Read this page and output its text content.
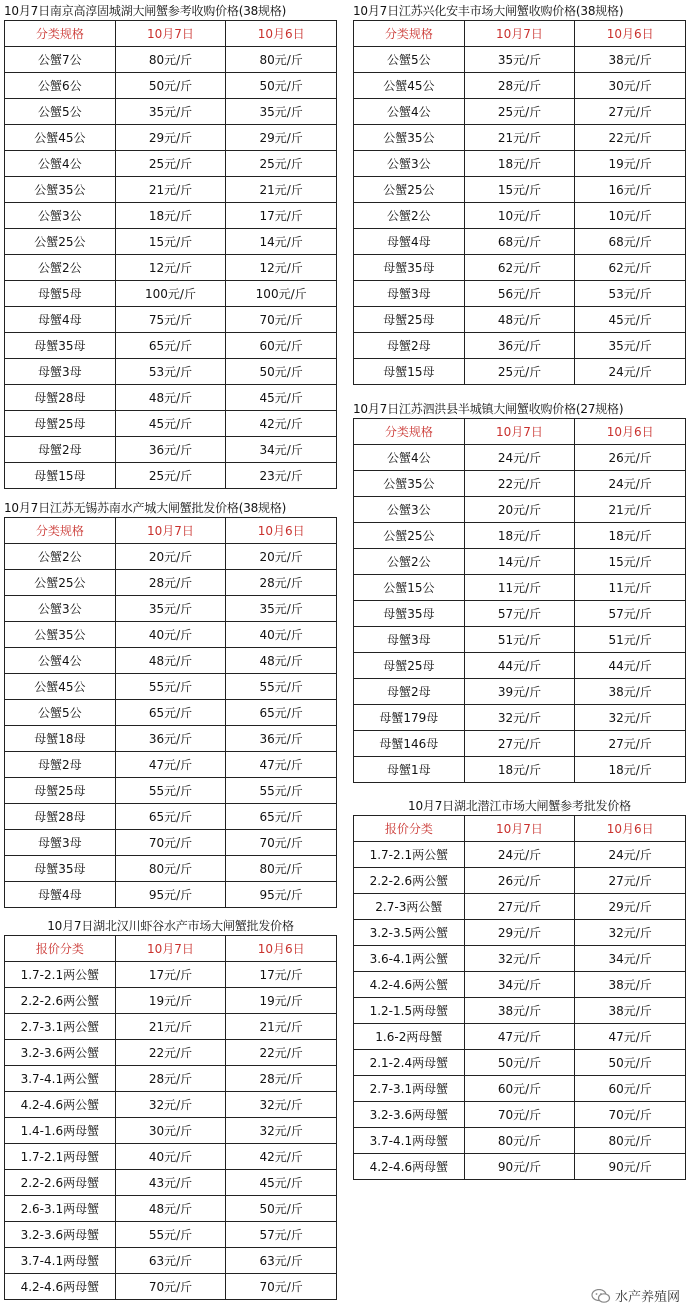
10月7日南京高淳固城湖大闸蟹参考收购价格(38规格)
分类规格	10月7日	10月6日
公蟹7公	80元/斤	80元/斤
公蟹6公	50元/斤	50元/斤
公蟹5公	35元/斤	35元/斤
公蟹45公	29元/斤	29元/斤
公蟹4公	25元/斤	25元/斤
公蟹35公	21元/斤	21元/斤
公蟹3公	18元/斤	17元/斤
公蟹25公	15元/斤	14元/斤
公蟹2公	12元/斤	12元/斤
母蟹5母	100元/斤	100元/斤
母蟹4母	75元/斤	70元/斤
母蟹35母	65元/斤	60元/斤
母蟹3母	53元/斤	50元/斤
母蟹28母	48元/斤	45元/斤
母蟹25母	45元/斤	42元/斤
母蟹2母	36元/斤	34元/斤
母蟹15母	25元/斤	23元/斤
10月7日江苏无锡苏南水产城大闸蟹批发价格(38规格)
分类规格	10月7日	10月6日
公蟹2公	20元/斤	20元/斤
公蟹25公	28元/斤	28元/斤
公蟹3公	35元/斤	35元/斤
公蟹35公	40元/斤	40元/斤
公蟹4公	48元/斤	48元/斤
公蟹45公	55元/斤	55元/斤
公蟹5公	65元/斤	65元/斤
母蟹18母	36元/斤	36元/斤
母蟹2母	47元/斤	47元/斤
母蟹25母	55元/斤	55元/斤
母蟹28母	65元/斤	65元/斤
母蟹3母	70元/斤	70元/斤
母蟹35母	80元/斤	80元/斤
母蟹4母	95元/斤	95元/斤
10月7日湖北汉川虾谷水产市场大闸蟹批发价格
报价分类	10月7日	10月6日
1.7-2.1两公蟹	17元/斤	17元/斤
2.2-2.6两公蟹	19元/斤	19元/斤
2.7-3.1两公蟹	21元/斤	21元/斤
3.2-3.6两公蟹	22元/斤	22元/斤
3.7-4.1两公蟹	28元/斤	28元/斤
4.2-4.6两公蟹	32元/斤	32元/斤
1.4-1.6两母蟹	30元/斤	32元/斤
1.7-2.1两母蟹	40元/斤	42元/斤
2.2-2.6两母蟹	43元/斤	45元/斤
2.6-3.1两母蟹	48元/斤	50元/斤
3.2-3.6两母蟹	55元/斤	57元/斤
3.7-4.1两母蟹	63元/斤	63元/斤
4.2-4.6两母蟹	70元/斤	70元/斤
10月7日江苏兴化安丰市场大闸蟹收购价格(38规格)
分类规格	10月7日	10月6日
公蟹5公	35元/斤	38元/斤
公蟹45公	28元/斤	30元/斤
公蟹4公	25元/斤	27元/斤
公蟹35公	21元/斤	22元/斤
公蟹3公	18元/斤	19元/斤
公蟹25公	15元/斤	16元/斤
公蟹2公	10元/斤	10元/斤
母蟹4母	68元/斤	68元/斤
母蟹35母	62元/斤	62元/斤
母蟹3母	56元/斤	53元/斤
母蟹25母	48元/斤	45元/斤
母蟹2母	36元/斤	35元/斤
母蟹15母	25元/斤	24元/斤
10月7日江苏泗洪县半城镇大闸蟹收购价格(27规格)
分类规格	10月7日	10月6日
公蟹4公	24元/斤	26元/斤
公蟹35公	22元/斤	24元/斤
公蟹3公	20元/斤	21元/斤
公蟹25公	18元/斤	18元/斤
公蟹2公	14元/斤	15元/斤
公蟹15公	11元/斤	11元/斤
母蟹35母	57元/斤	57元/斤
母蟹3母	51元/斤	51元/斤
母蟹25母	44元/斤	44元/斤
母蟹2母	39元/斤	38元/斤
母蟹179母	32元/斤	32元/斤
母蟹146母	27元/斤	27元/斤
母蟹1母	18元/斤	18元/斤
10月7日湖北潜江市场大闸蟹参考批发价格
报价分类	10月7日	10月6日
1.7-2.1两公蟹	24元/斤	24元/斤
2.2-2.6两公蟹	26元/斤	27元/斤
2.7-3两公蟹	27元/斤	29元/斤
3.2-3.5两公蟹	29元/斤	32元/斤
3.6-4.1两公蟹	32元/斤	34元/斤
4.2-4.6两公蟹	34元/斤	38元/斤
1.2-1.5两母蟹	38元/斤	38元/斤
1.6-2两母蟹	47元/斤	47元/斤
2.1-2.4两母蟹	50元/斤	50元/斤
2.7-3.1两母蟹	60元/斤	60元/斤
3.2-3.6两母蟹	70元/斤	70元/斤
3.7-4.1两母蟹	80元/斤	80元/斤
4.2-4.6两母蟹	90元/斤	90元/斤
水产养殖网
